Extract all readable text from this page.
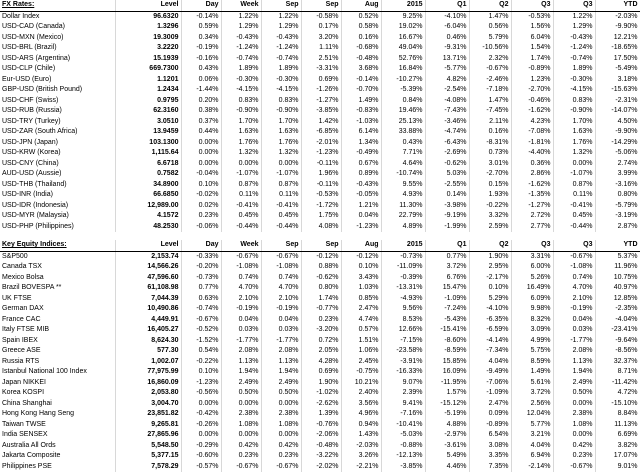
FX Rates:	Level	Day	Week	Sep	Sep	Aug	2015	Q1	Q2	Q3	Q3	YTD
Dollar Index	96.6320	-0.14%	1.22%	1.22%	-0.58%	0.52%	9.25%	-4.10%	1.47%	-0.53%	1.22%	-2.03%
USD-CAD (Canada)	1.3296	0.59%	1.29%	1.29%	0.17%	0.58%	19.02%	-6.04%	0.56%	1.56%	1.29%	-9.90%
USD-MXN (Mexico)	19.3009	0.34%	-0.43%	-0.43%	3.20%	0.16%	16.67%	0.46%	5.79%	6.04%	-0.43%	12.21%
USD-BRL (Brazil)	3.2220	-0.19%	-1.24%	-1.24%	1.11%	-0.68%	49.04%	-9.31%	-10.56%	1.54%	-1.24%	-18.65%
USD-ARS (Argentina)	15.1939	-0.16%	-0.74%	-0.74%	2.51%	-0.48%	52.76%	13.71%	2.32%	1.74%	-0.74%	17.50%
USD-CLP (Chile)	669.7300	0.43%	1.89%	1.89%	-3.31%	3.68%	16.84%	-5.77%	-0.67%	-0.89%	1.89%	-5.49%
Eur-USD (Euro)	1.1201	0.06%	-0.30%	-0.30%	0.69%	-0.14%	-10.27%	4.82%	-2.46%	1.23%	-0.30%	3.18%
GBP-USD (British Pound)	1.2434	-1.44%	-4.15%	-4.15%	-1.26%	-0.70%	-5.39%	-2.54%	-7.18%	-2.70%	-4.15%	-15.63%
USD-CHF (Swiss)	0.9795	0.20%	0.83%	0.83%	-1.27%	1.49%	0.84%	-4.08%	1.47%	-0.46%	0.83%	-2.31%
USD-RUB (Russia)	62.3160	0.38%	-0.90%	-0.90%	-3.85%	-0.83%	19.46%	-7.43%	-7.45%	-1.62%	-0.90%	-14.07%
USD-TRY (Turkey)	3.0510	0.37%	1.70%	1.70%	1.42%	-1.03%	25.13%	-3.46%	2.11%	4.23%	1.70%	4.50%
USD-ZAR (South Africa)	13.9459	0.44%	1.63%	1.63%	-6.85%	6.14%	33.88%	-4.74%	0.16%	-7.08%	1.63%	-9.90%
USD-JPN (Japan)	103.1300	0.00%	1.76%	1.76%	-2.01%	1.34%	0.43%	-6.43%	-8.31%	-1.81%	1.76%	-14.29%
USD-KRW (Korea)	1,115.64	0.00%	1.32%	1.32%	-1.23%	-0.49%	7.71%	-2.69%	0.73%	-4.40%	1.32%	-5.06%
USD-CNY (China)	6.6718	0.00%	0.00%	0.00%	-0.11%	0.67%	4.64%	-0.62%	3.01%	0.36%	0.00%	2.74%
AUD-USD (Aussie)	0.7582	-0.04%	-1.07%	-1.07%	1.96%	0.89%	-10.74%	5.03%	-2.70%	2.86%	-1.07%	3.99%
USD-THB (Thailand)	34.8900	0.10%	0.87%	0.87%	-0.11%	-0.43%	9.55%	-2.55%	0.15%	-1.62%	0.87%	-3.16%
USD-INR (India)	66.6850	-0.02%	0.11%	0.11%	-0.53%	-0.05%	4.93%	0.14%	1.93%	-1.35%	0.11%	0.80%
USD-IDR (Indonesia)	12,989.00	0.02%	-0.41%	-0.41%	-1.72%	1.21%	11.30%	-3.98%	-0.22%	-1.27%	-0.41%	-5.79%
USD-MYR (Malaysia)	4.1572	0.23%	0.45%	0.45%	1.75%	0.04%	22.79%	-9.19%	3.32%	2.72%	0.45%	-3.19%
USD-PHP (Philippines)	48.2530	-0.06%	-0.44%	-0.44%	4.08%	-1.23%	4.89%	-1.99%	2.59%	2.77%	-0.44%	2.87%
Key Equity Indices:	Level	Day	Week	Sep	Sep	Aug	2015	Q1	Q2	Q3	Q3	YTD
S&P500	2,153.74	-0.33%	-0.67%	-0.67%	-0.12%	-0.12%	-0.73%	0.77%	1.90%	3.31%	-0.67%	5.37%
Canada TSX	14,566.26	-0.20%	-1.08%	-1.08%	0.88%	0.10%	-11.09%	3.72%	2.95%	6.00%	-1.08%	11.96%
Mexico Bolsa	47,596.60	-0.73%	0.74%	0.74%	-0.62%	3.43%	-0.39%	6.76%	-2.17%	5.26%	0.74%	10.75%
Brazil BOVESPA **	61,108.98	0.77%	4.70%	4.70%	0.80%	1.03%	-13.31%	15.47%	0.10%	16.49%	4.70%	40.97%
UK FTSE	7,044.39	0.63%	2.10%	2.10%	1.74%	0.85%	-4.93%	-1.09%	5.29%	6.09%	2.10%	12.85%
German DAX	10,490.86	-0.74%	-0.19%	-0.19%	-0.77%	2.47%	9.56%	-7.24%	-4.10%	9.98%	-0.19%	-2.35%
France CAC	4,449.91	-0.67%	0.04%	0.04%	0.23%	4.74%	8.53%	-5.43%	-6.35%	8.32%	0.04%	-4.04%
Italy FTSE MIB	16,405.27	-0.52%	0.03%	0.03%	-3.20%	0.57%	12.66%	-15.41%	-6.59%	3.09%	0.03%	-23.41%
Spain IBEX	8,624.30	-1.52%	-1.77%	-1.77%	0.72%	1.51%	-7.15%	-8.60%	-4.14%	4.99%	-1.77%	-9.64%
Greece ASE	577.30	0.54%	2.08%	2.08%	2.05%	1.06%	-23.58%	-8.59%	-7.34%	5.75%	2.08%	-8.56%
Russia RTS	1,002.07	-0.22%	1.13%	1.13%	4.28%	2.45%	-3.91%	15.85%	4.04%	8.59%	1.13%	32.37%
Istanbul National 100 Index	77,975.99	0.10%	1.94%	1.94%	0.69%	-0.75%	-16.33%	16.09%	-9.49%	1.49%	1.94%	8.71%
Japan NIKKEI	16,860.09	-1.23%	2.49%	2.49%	1.90%	10.21%	9.07%	-11.95%	-7.06%	5.61%	2.49%	-11.42%
Korea KOSPI	2,053.80	-0.56%	0.50%	0.50%	-1.02%	2.40%	2.39%	1.57%	-1.09%	3.72%	0.50%	4.72%
China Shanghai	3,004.70	0.00%	0.00%	0.00%	-2.62%	3.56%	9.41%	-15.12%	2.47%	2.56%	0.00%	-15.10%
Hong Kong Hang Seng	23,851.82	-0.42%	2.38%	2.38%	1.39%	4.96%	-7.16%	-5.19%	0.09%	12.04%	2.38%	8.84%
Taiwan TWSE	9,265.81	-0.26%	1.08%	1.08%	-0.76%	0.94%	-10.41%	4.88%	-0.89%	5.77%	1.08%	11.13%
India SENSEX	27,865.96	0.00%	0.00%	0.00%	-2.06%	1.43%	-5.03%	-2.97%	6.54%	3.21%	0.00%	6.69%
Australia All Ords	5,548.50	-0.29%	0.42%	0.42%	-0.48%	-2.03%	-0.88%	-3.61%	3.08%	4.04%	0.42%	3.82%
Jakarta Composite	5,377.15	-0.60%	0.23%	0.23%	-3.22%	3.26%	-12.13%	5.49%	3.35%	6.94%	0.23%	17.07%
Philippines PSE	7,578.29	-0.57%	-0.67%	-0.67%	-2.02%	-2.21%	-3.85%	4.46%	7.35%	-2.14%	-0.67%	9.01%
